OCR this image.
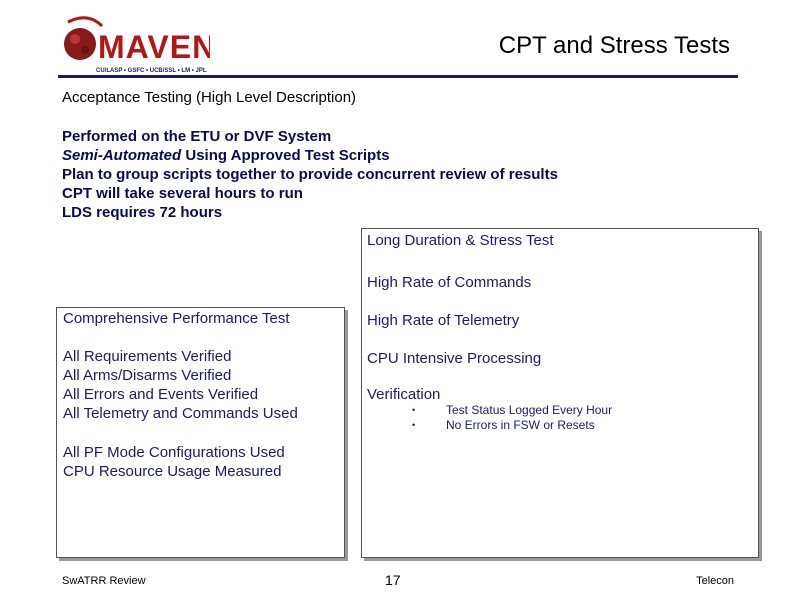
MAVEN
CU/LASP • GSFC • UCB/SSL • LM • JPL
CPT and Stress Tests
Acceptance Testing (High Level Description)
Performed on the ETU or DVF System
Semi-Automated Using Approved Test Scripts
Plan to group scripts together to provide concurrent review of results
CPT will take several hours to run
LDS requires 72 hours
Long Duration & Stress Test
High Rate of Commands
High Rate of Telemetry
CPU Intensive Processing
Verification
•	Test Status Logged Every Hour
•	No Errors in FSW or Resets
Comprehensive Performance Test
All Requirements Verified
All Arms/Disarms Verified
All Errors and Events Verified
All Telemetry and Commands Used
All PF Mode Configurations Used
CPU Resource Usage Measured
SwATRR Review	17	Telecon
